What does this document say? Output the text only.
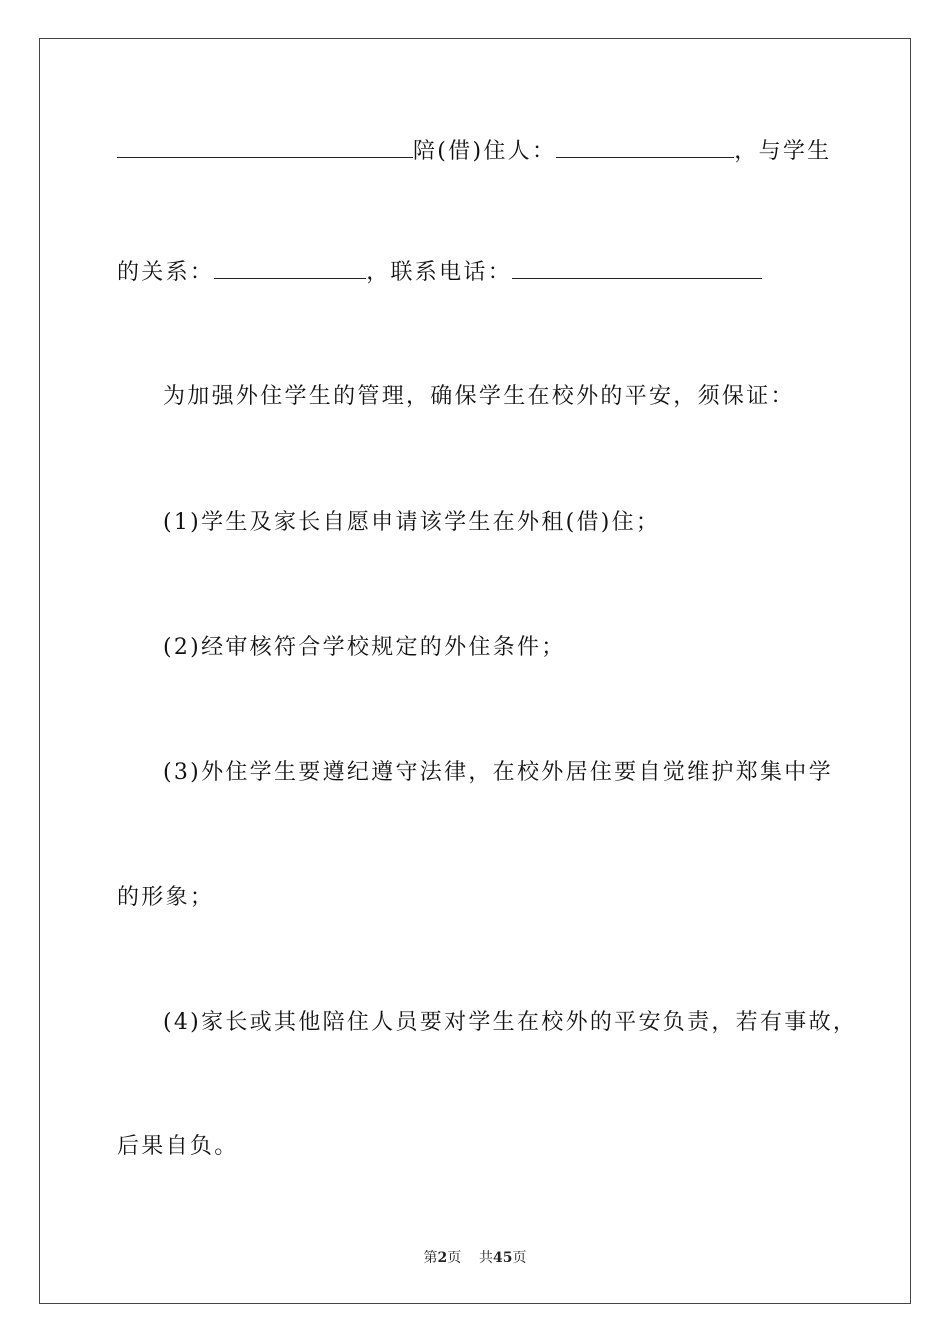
陪(借)住人：	，与学生
的关系：	，联系电话：
为加强外住学生的管理，确保学生在校外的平安，须保证：
(1)学生及家长自愿申请该学生在外租(借)住；
(2)经审核符合学校规定的外住条件；
(3)外住学生要遵纪遵守法律，在校外居住要自觉维护郑集中学
的形象；
(4)家长或其他陪住人员要对学生在校外的平安负责，若有事故，
后果自负。
第2页 共45页
